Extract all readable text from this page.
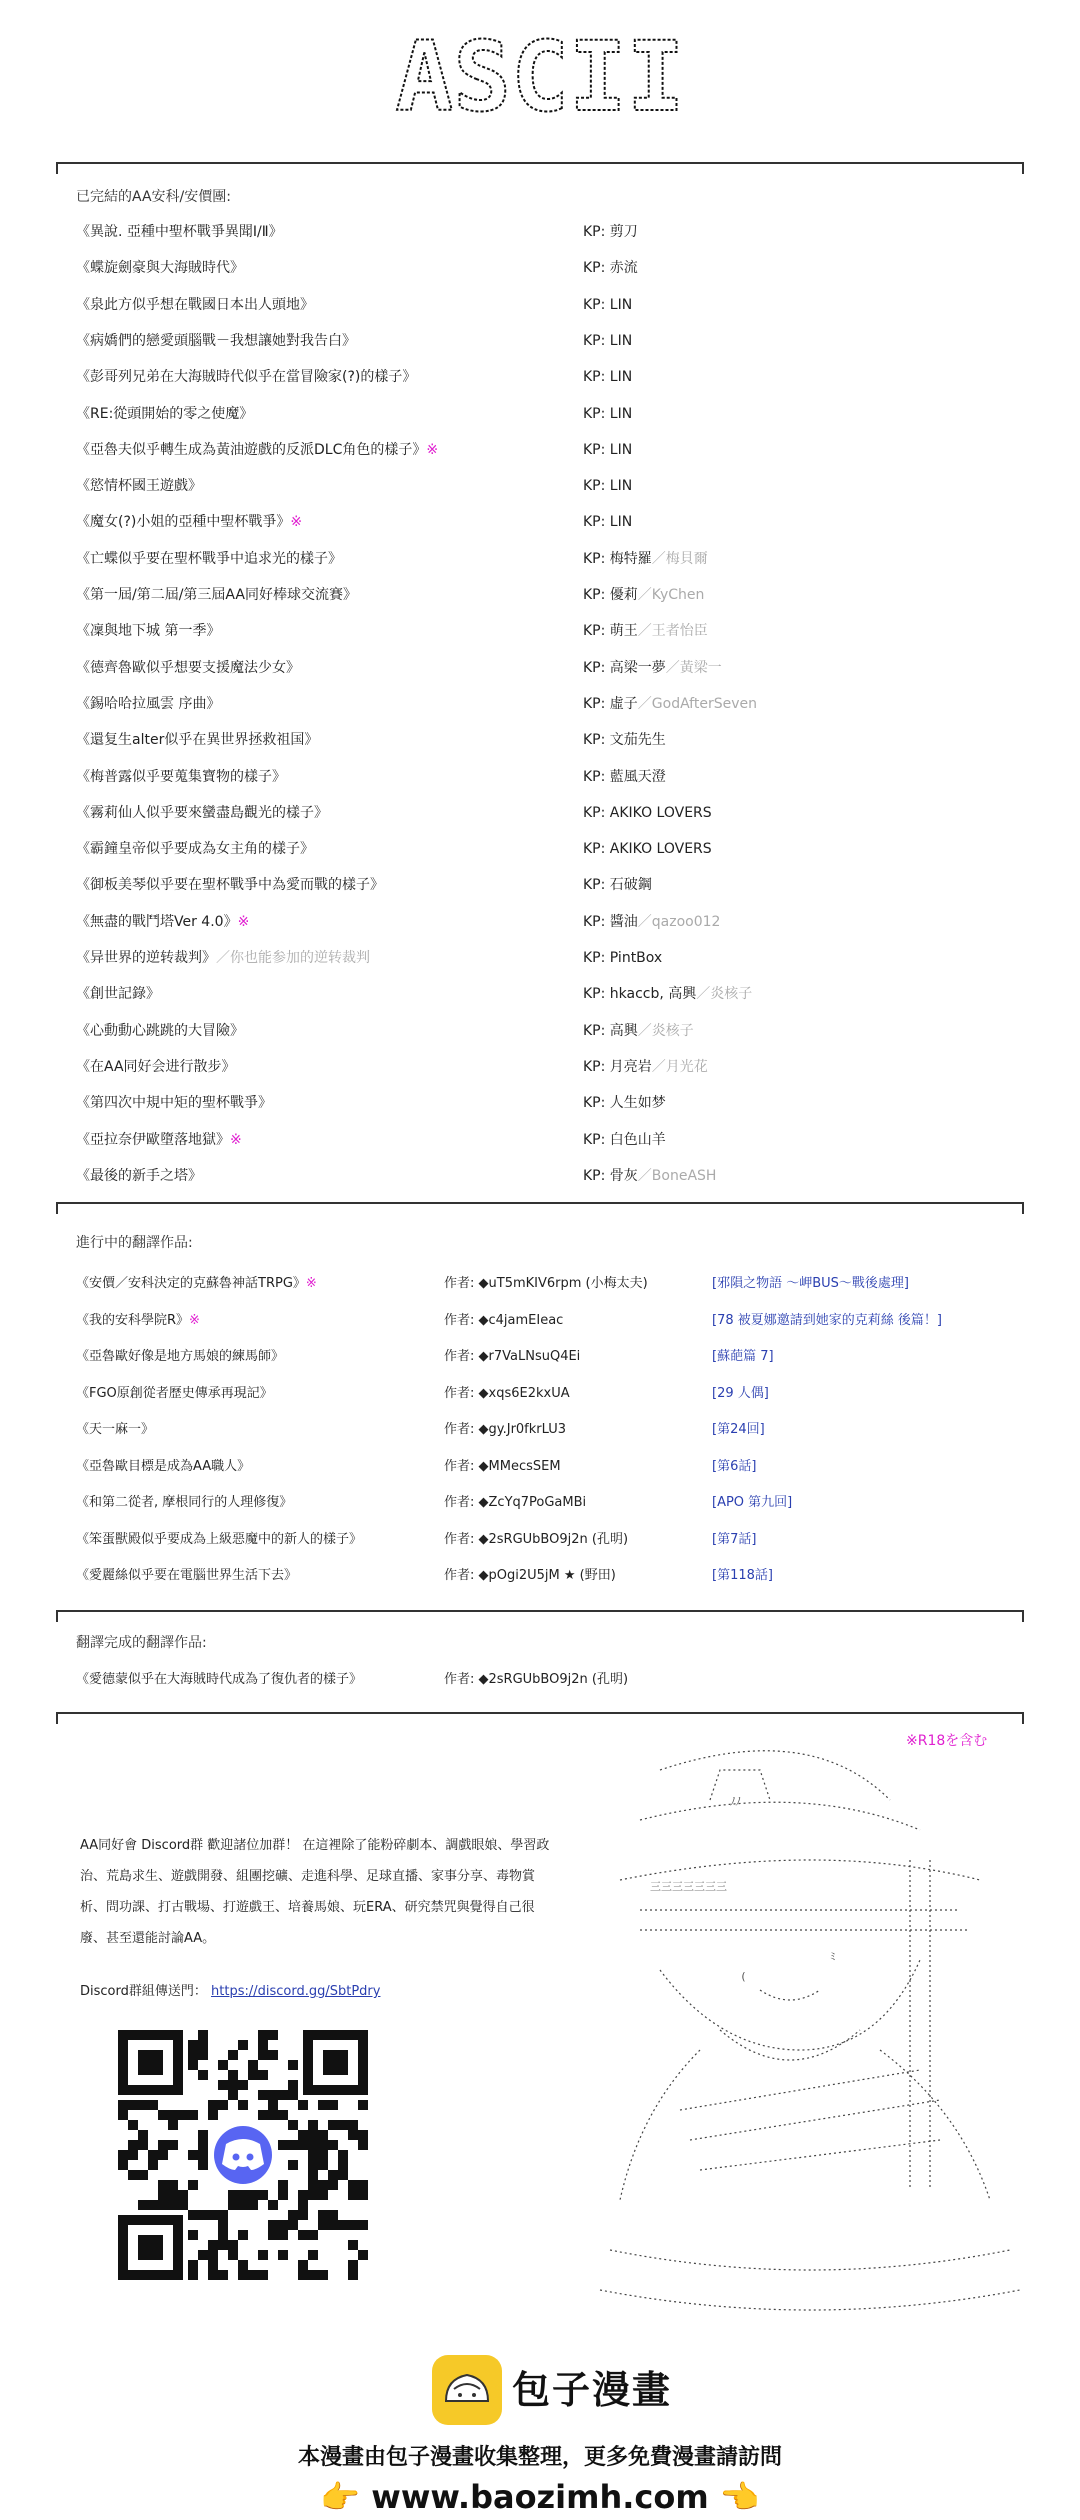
ASCII
已完結的AA安科/安價團:
《異說. 亞種中聖杯戰爭異聞Ⅰ/Ⅱ》	KP: 剪刀
《蝶旋劍豪與大海賊時代》	KP: 赤流
《泉此方似乎想在戰國日本出人頭地》	KP: LIN
《病嬌們的戀愛頭腦戰－我想讓她對我告白》	KP: LIN
《彭哥列兄弟在大海賊時代似乎在當冒險家(?)的樣子》	KP: LIN
《RE:從頭開始的零之使魔》	KP: LIN
《亞魯夫似乎轉生成為黃油遊戲的反派DLC角色的樣子》※	KP: LIN
《慾情杯國王遊戲》	KP: LIN
《魔女(?)小姐的亞種中聖杯戰爭》※	KP: LIN
《亡蝶似乎要在聖杯戰爭中追求光的樣子》	KP: 梅特羅／梅貝爾
《第一屆/第二屆/第三屆AA同好棒球交流賽》	KP: 優莉／KyChen
《凜與地下城 第一季》	KP: 萌王／王者怡臣
《德齊魯歐似乎想要支援魔法少女》	KP: 高梁一夢／黃梁一
《錫哈哈拉風雲 序曲》	KP: 虛子／GodAfterSeven
《還复生alter似乎在異世界拯救祖国》	KP: 文茄先生
《梅普露似乎要蒐集寶物的樣子》	KP: 藍風天澄
《霧莉仙人似乎要來蠻盡島觀光的樣子》	KP: AKIKO LOVERS
《霸鐘皇帝似乎要成為女主角的樣子》	KP: AKIKO LOVERS
《御板美琴似乎要在聖杯戰爭中為愛而戰的樣子》	KP: 石破鋼
《無盡的戰鬥塔Ver 4.0》※	KP: 醬油／qazoo012
《异世界的逆转裁判》／你也能参加的逆转裁判	KP: PintBox
《創世記錄》	KP: hkaccb, 高興／炎核子
《心動動心跳跳的大冒險》	KP: 高興／炎核子
《在AA同好会进行散步》	KP: 月亮岩／月光花
《第四次中規中矩的聖杯戰爭》	KP: 人生如梦
《亞拉奈伊歐墮落地獄》※	KP: 白色山羊
《最後的新手之塔》	KP: 骨灰／BoneASH
進行中的翻譯作品:
《安價／安科決定的克蘇魯神話TRPG》※	作者: ◆uT5mKIV6rpm (小梅太夫)	[邪隕之物語 〜岬BUS〜戰後處理]
《我的安科學院R》※	作者: ◆c4jamEIeac	[78 被夏娜邀請到她家的克莉絲 後篇！]
《亞魯歐好像是地方馬娘的練馬師》	作者: ◆r7VaLNsuQ4Ei	[蘇葩篇 7]
《FGO原創從者歷史傳承再現記》	作者: ◆xqs6E2kxUA	[29 人偶]
《天一麻一》	作者: ◆gy.Jr0fkrLU3	[第24回]
《亞魯歐目標是成為AA職人》	作者: ◆MMecsSEM	[第6話]
《和第二從者, 摩根同行的人理修復》	作者: ◆ZcYq7PoGaMBi	[APO 第九回]
《笨蛋獸殿似乎要成為上級惡魔中的新人的樣子》	作者: ◆2sRGUbBO9j2n (孔明)	[第7話]
《愛麗絲似乎要在電腦世界生活下去》	作者: ◆pOgi2U5jM ★ (野田)	[第118話]
翻譯完成的翻譯作品:
《愛德蒙似乎在大海賊時代成為了復仇者的樣子》	作者: ◆2sRGUbBO9j2n (孔明)
※R18を含む
AA同好會 Discord群 歡迎諸位加群！ 在這裡除了能粉碎劇本、調戲眼娘、學習政治、荒島求生、遊戲開發、組團挖礦、走進科學、足球直播、家事分享、毒物賞析、問功課、打古戰場、打遊戲王、培養馬娘、玩ERA、研究禁咒與覺得自己很廢、甚至還能討論AA。
Discord群組傳送門： https://discord.gg/SbtPdry
ﾉﾉ
三三三三三三三
ﾐ
(
包子漫畫
本漫畫由包子漫畫收集整理，更多免費漫畫請訪問
👉 www.baozimh.com 👈
